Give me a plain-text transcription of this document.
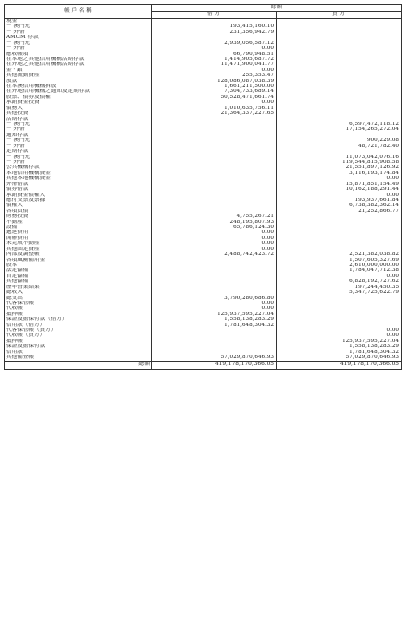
帳 戶 名 稱	餘額	
	借 方	貸 方
現金		
－ 澳門元	193,415,160.10	
－ 外幣	231,356,942.79	
AMCM 存款		
－ 澳門元	2,939,056,587.12	
－ 外幣	0.00	
應收帳項	66,790,948.51	
在本地之其他信用機構活期存款	1,414,905,687.72	
在外地之其他信用機構活期存款	11,471,900,041.77	
金 · 銀	0.00	
其他流動資產	255,353.47	
放款	128,086,087,038.39	
在本澳信用機構拆放	1,661,211,500.00	
在外地信用機構之通知及定期存款	7,304,733,689.14	
股票、債券及債權	50,528,471,661.74	
承銷資金投資	0.00	
債務人	1,010,635,756.11	
其他投資	21,364,337,227.65	
活期存款		
－ 澳門元		6,597,472,118.12
－ 外幣		17,154,265,272.04
通知存款		
－ 澳門元		900,229.08
－ 外幣		48,721,782.40
定期存款		
－ 澳門元		11,073,042,076.16
－ 外幣		119,544,815,908.58
公共機構存款		21,551,897,126.92
本地信用機構資金		3,116,193,174.84
其他本地機構資金		0.00
外幣借款		15,871,851,154.49
債券借款		10,162,188,291.44
承銷資金債權人		0.00
應付支票及票據		193,937,661.84
債權人		6,738,382,362.14
各項負債		21,252,866.77
財務投資	4,755,267.21	
不動產	248,195,807.93	
設備	65,786,124.30	
遞延費用	0.00	
開辦費用	0.00	
未完成不動產	0.00	
其他固定資產	0.00	
內部及調整帳	2,488,742,423.72	2,521,382,038.82
各項風險備用金		1,507,605,327.69
股本		2,610,000,000.00
法定儲備		1,784,047,712.38
自定儲備		0.00
其他儲備		6,828,192,727.62
歷年營業結果		197,244,450.35
總收入		5,347,725,622.79
總支出	3,790,280,686.80	
代客保管帳	0.00	
代收帳	0.00	
抵押帳	125,937,595,227.04	
保證及擔保付款（借方）	1,558,138,283.29	
信用狀（借方）	1,781,648,304.32	
代客保管帳（貸方）		0.00
代收帳（貸方）		0.00
抵押帳		125,937,595,227.04
保證及擔保付款		1,558,138,283.29
信用狀		1,781,648,304.32
其他備查帳	57,029,870,646.93	57,029,870,646.93
總額	419,178,170,366.05	419,178,170,366.05
